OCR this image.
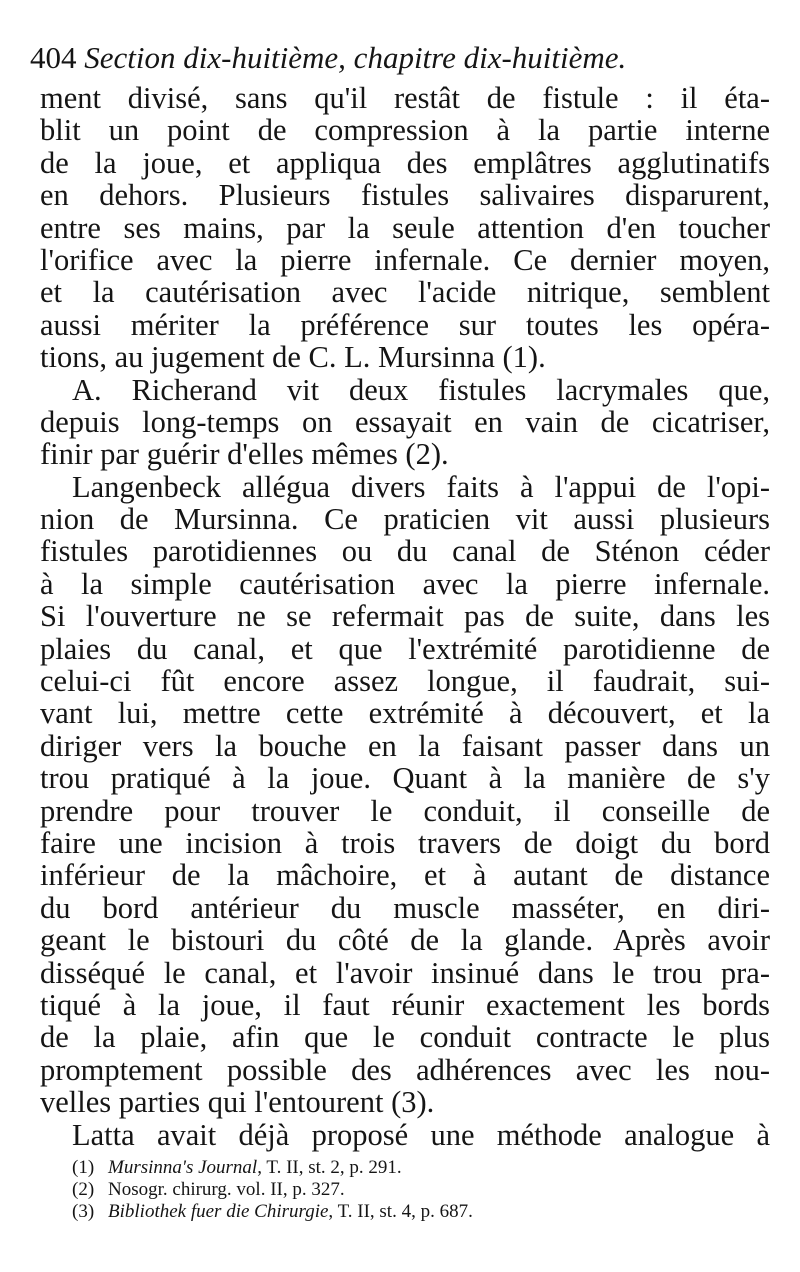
404 Section dix-huitième, chapitre dix-huitième.
ment divisé, sans qu'il restât de fistule : il éta-
blit un point de compression à la partie interne
de la joue, et appliqua des emplâtres agglutinatifs
en dehors. Plusieurs fistules salivaires disparurent,
entre ses mains, par la seule attention d'en toucher
l'orifice avec la pierre infernale. Ce dernier moyen,
et la cautérisation avec l'acide nitrique, semblent
aussi mériter la préférence sur toutes les opéra-
tions, au jugement de C. L. Mursinna (1).
A. Richerand vit deux fistules lacrymales que,
depuis long-temps on essayait en vain de cicatriser,
finir par guérir d'elles mêmes (2).
Langenbeck allégua divers faits à l'appui de l'opi-
nion de Mursinna. Ce praticien vit aussi plusieurs
fistules parotidiennes ou du canal de Sténon céder
à la simple cautérisation avec la pierre infernale.
Si l'ouverture ne se refermait pas de suite, dans les
plaies du canal, et que l'extrémité parotidienne de
celui-ci fût encore assez longue, il faudrait, sui-
vant lui, mettre cette extrémité à découvert, et la
diriger vers la bouche en la faisant passer dans un
trou pratiqué à la joue. Quant à la manière de s'y
prendre pour trouver le conduit, il conseille de
faire une incision à trois travers de doigt du bord
inférieur de la mâchoire, et à autant de distance
du bord antérieur du muscle masséter, en diri-
geant le bistouri du côté de la glande. Après avoir
disséqué le canal, et l'avoir insinué dans le trou pra-
tiqué à la joue, il faut réunir exactement les bords
de la plaie, afin que le conduit contracte le plus
promptement possible des adhérences avec les nou-
velles parties qui l'entourent (3).
Latta avait déjà proposé une méthode analogue à
(1) Mursinna's Journal, T. II, st. 2, p. 291.
(2) Nosogr. chirurg. vol. II, p. 327.
(3) Bibliothek fuer die Chirurgie, T. II, st. 4, p. 687.
